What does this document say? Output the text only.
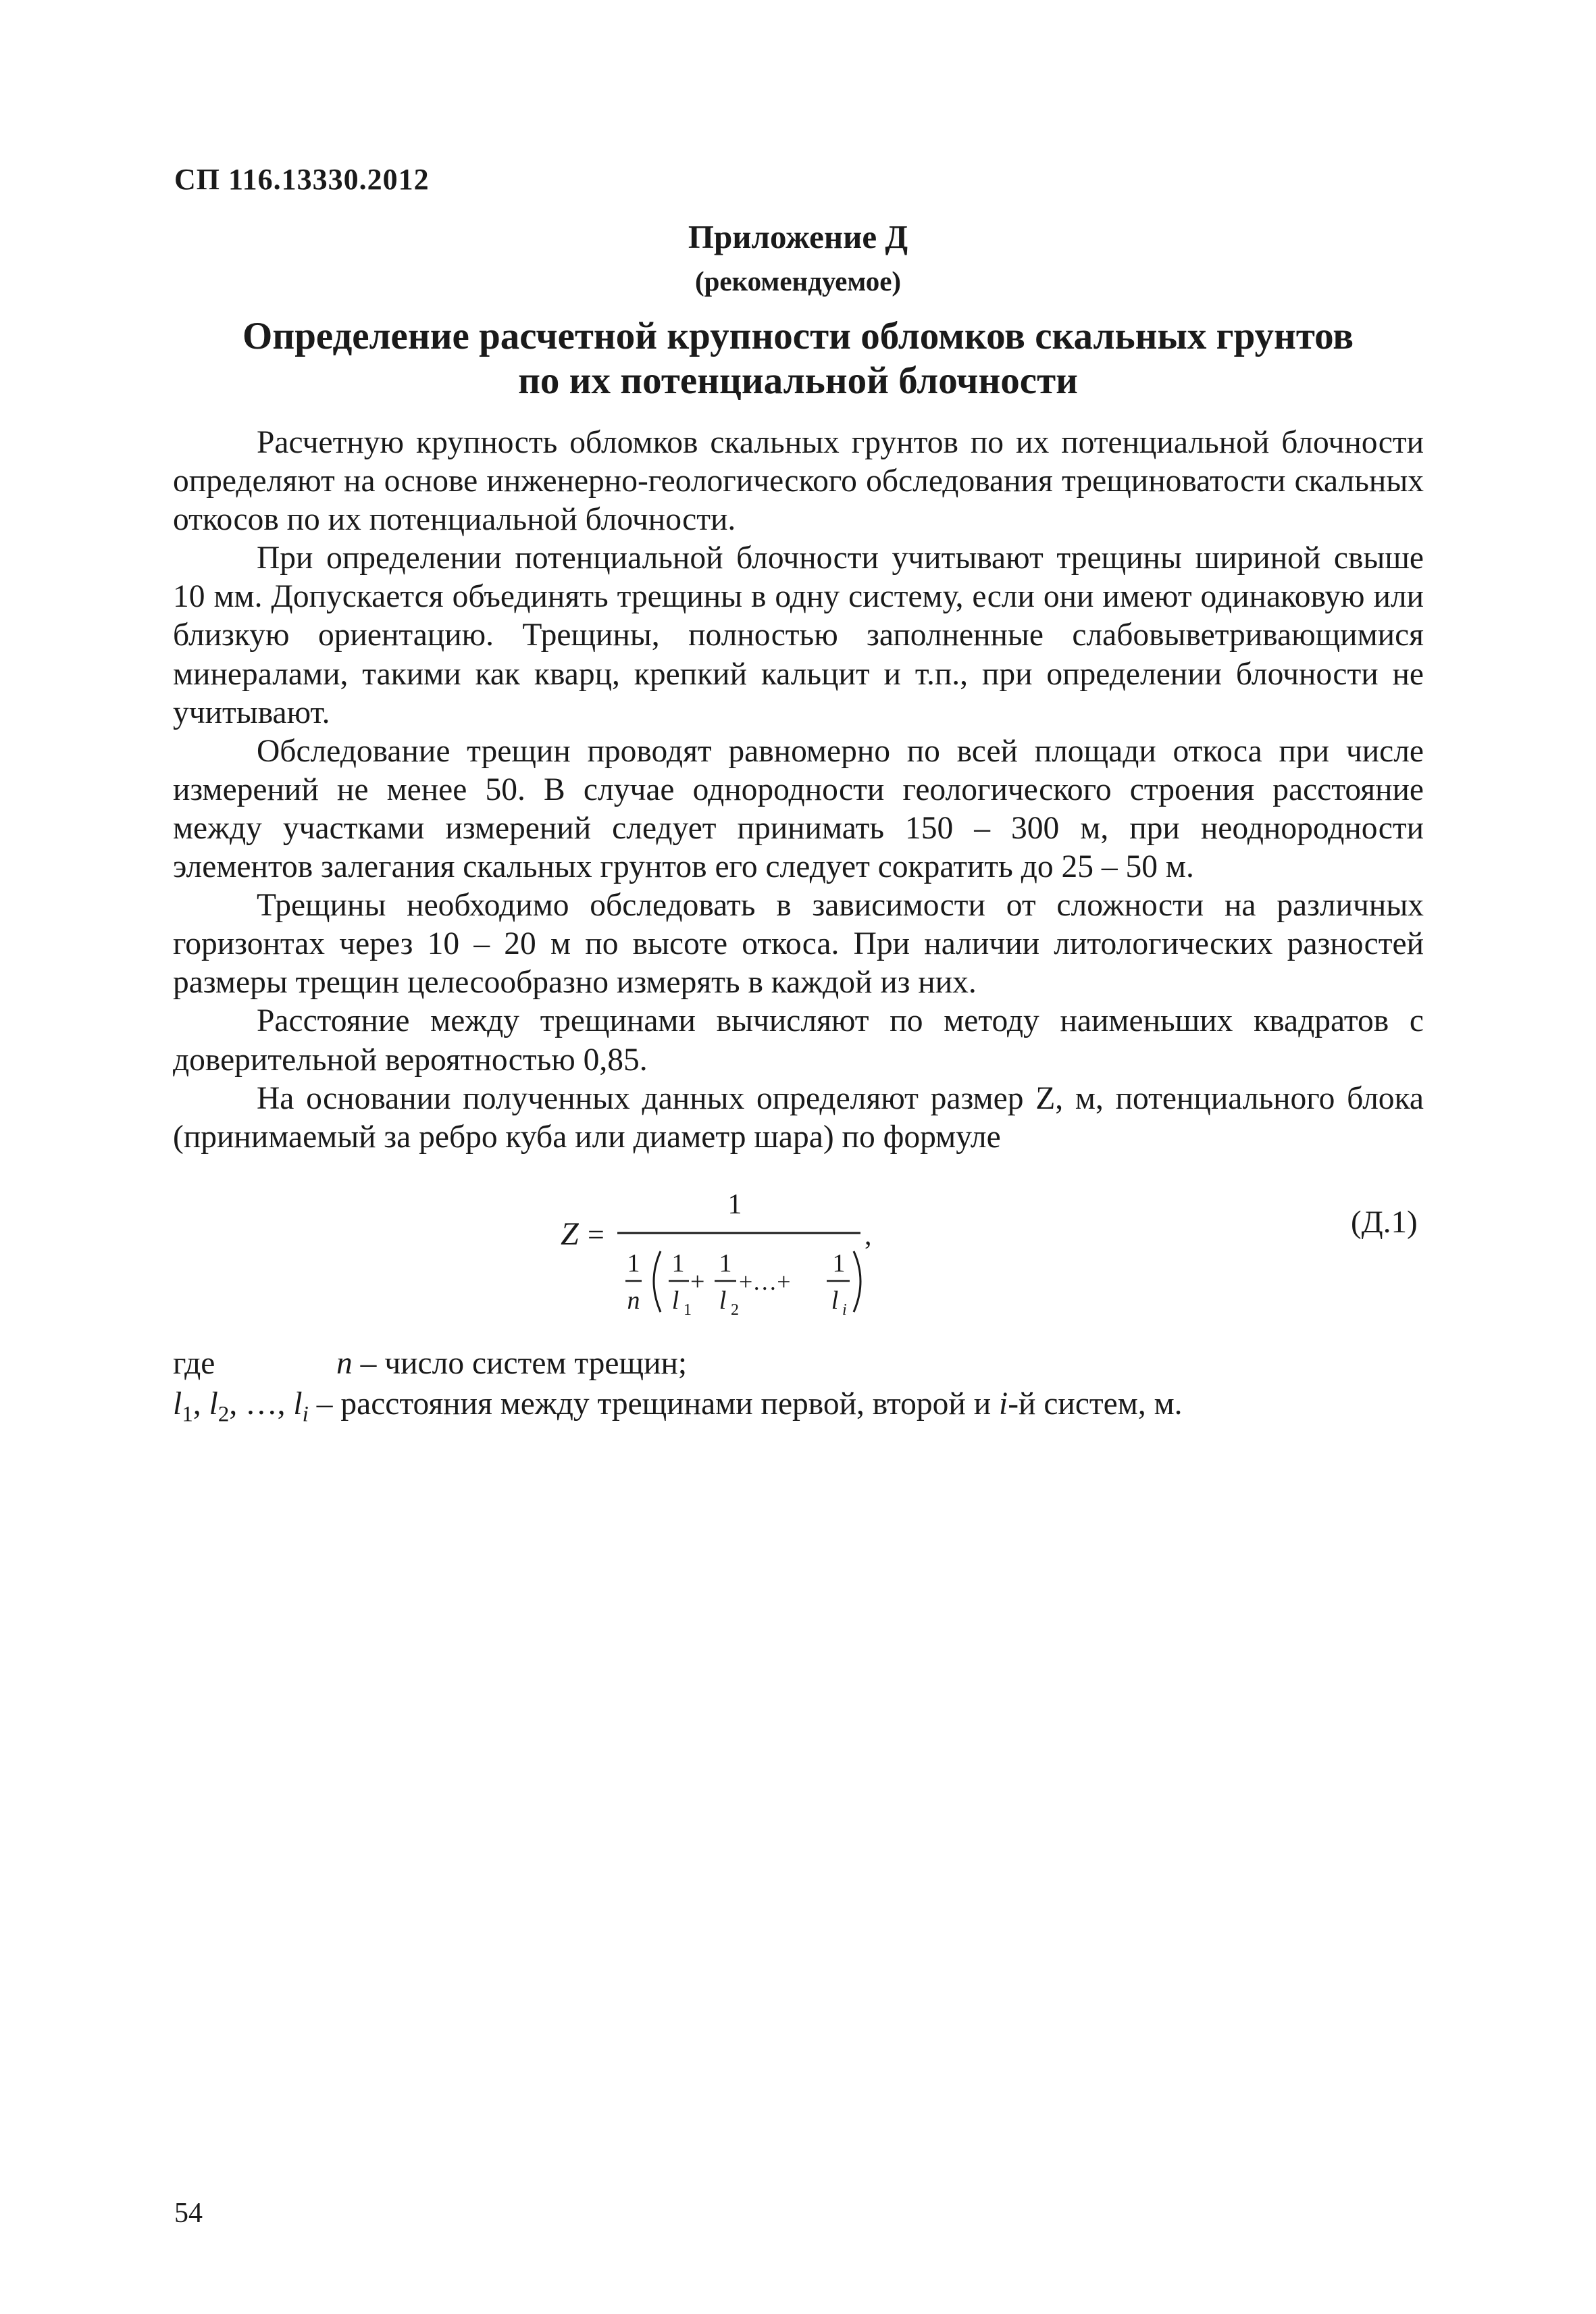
СП 116.13330.2012
Приложение Д
(рекомендуемое)
Определение расчетной крупности обломков скальных грунтов
по их потенциальной блочности

Расчетную крупность обломков скальных грунтов по их потенциальной блочности определяют на основе инженерно-геологического обследования трещиноватости скальных откосов по их потенциальной блочности.

При определении потенциальной блочности учитывают трещины шириной свыше 10 мм. Допускается объединять трещины в одну систему, если они имеют одинаковую или близкую ориентацию. Трещины, полностью заполненные слабовыветривающимися минералами, такими как кварц, крепкий кальцит и т.п., при определении блочности не учитывают.

Обследование трещин проводят равномерно по всей площади откоса при числе измерений не менее 50. В случае однородности геологического строения расстояние между участками измерений следует принимать 150 – 300 м, при неоднородности элементов залегания скальных грунтов его следует сократить до 25 – 50 м.

Трещины необходимо обследовать в зависимости от сложности на различных горизонтах через 10 – 20 м по высоте откоса. При наличии литологических разностей размеры трещин целесообразно измерять в каждой из них.

Расстояние между трещинами вычисляют по методу наименьших квадратов с доверительной вероятностью 0,85.

На основании полученных данных определяют размер Z, м, потенциального блока (принимаемый за ребро куба или диаметр шара) по формуле

Z =
1
,
1
n
1
l 1
+
1
l 2
+…+
1
l i
(Д.1)
где	n – число систем трещин;
$l_1$, $l_2$, …, $l_i$ – расстояния между трещинами первой, второй и i-й систем, м.
54
